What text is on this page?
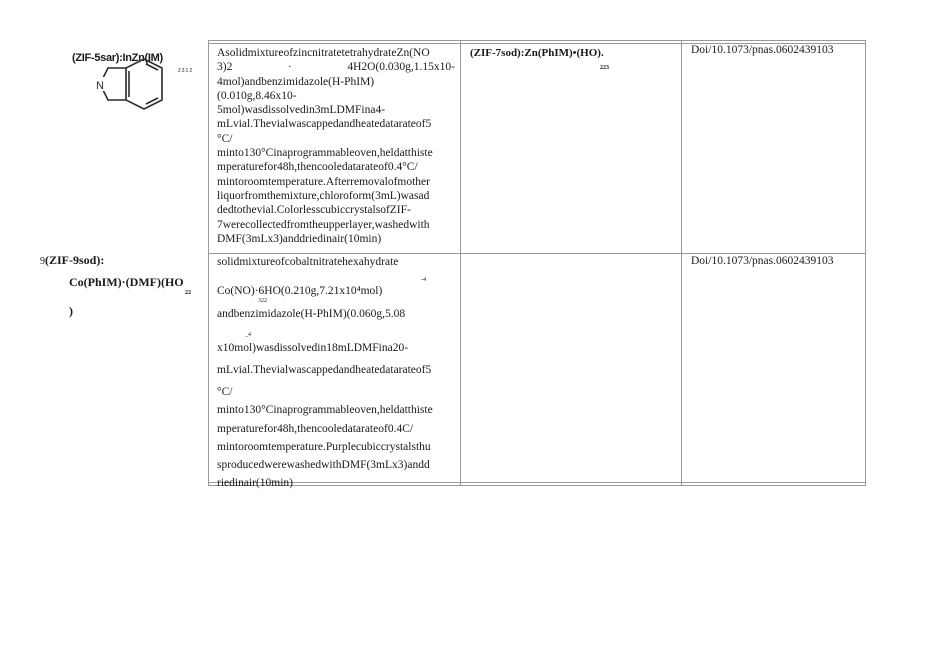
(ZIF-5sar):InZn(IM)
2312
N
9(ZIF-9sod):
Co(PhIM)·(DMF)(HO
22
)
AsolidmixtureofzincnitratetetrahydrateZn(NO
3)2	·	4H2O(0.030g,1.15x10-
4mol)andbenzimidazole(H-PhIM)
(0.010g,8.46x10-
5mol)wasdissolvedin3mLDMFina4-
mLvial.Thevialwascappedandheatedatarateof5
°C/
minto130°Cinaprogrammableoven,heldatthiste
mperaturefor48h,thencooledatarateof0.4°C/
mintoroomtemperature.Afterremovalofmother
liquorfromthemixture,chloroform(3mL)wasad
dedtothevial.ColorlesscubiccrystalsofZIF-
7werecollectedfromtheupperlayer,washedwith
DMF(3mLx3)anddriedinair(10min)
(ZIF-7sod):Zn(PhIM)•(HO).
223
Doi/10.1073/pnas.0602439103
solidmixtureofcobaltnitratehexahydrate
Co(NO)·6HO(0.210g,7.21x10⁴mol)
andbenzimidazole(H-PhIM)(0.060g,5.08
x10mol)wasdissolvedin18mLDMFina20-
mLvial.Thevialwascappedandheatedatarateof5
°C/
minto130°Cinaprogrammableoven,heldatthiste
mperaturefor48h,thencooledatarateof0.4C/
mintoroomtemperature.Purplecubiccrystalsthu
sproducedwerewashedwithDMF(3mLx3)andd
riedinair(10min)
-4
322
_4
Doi/10.1073/pnas.0602439103
